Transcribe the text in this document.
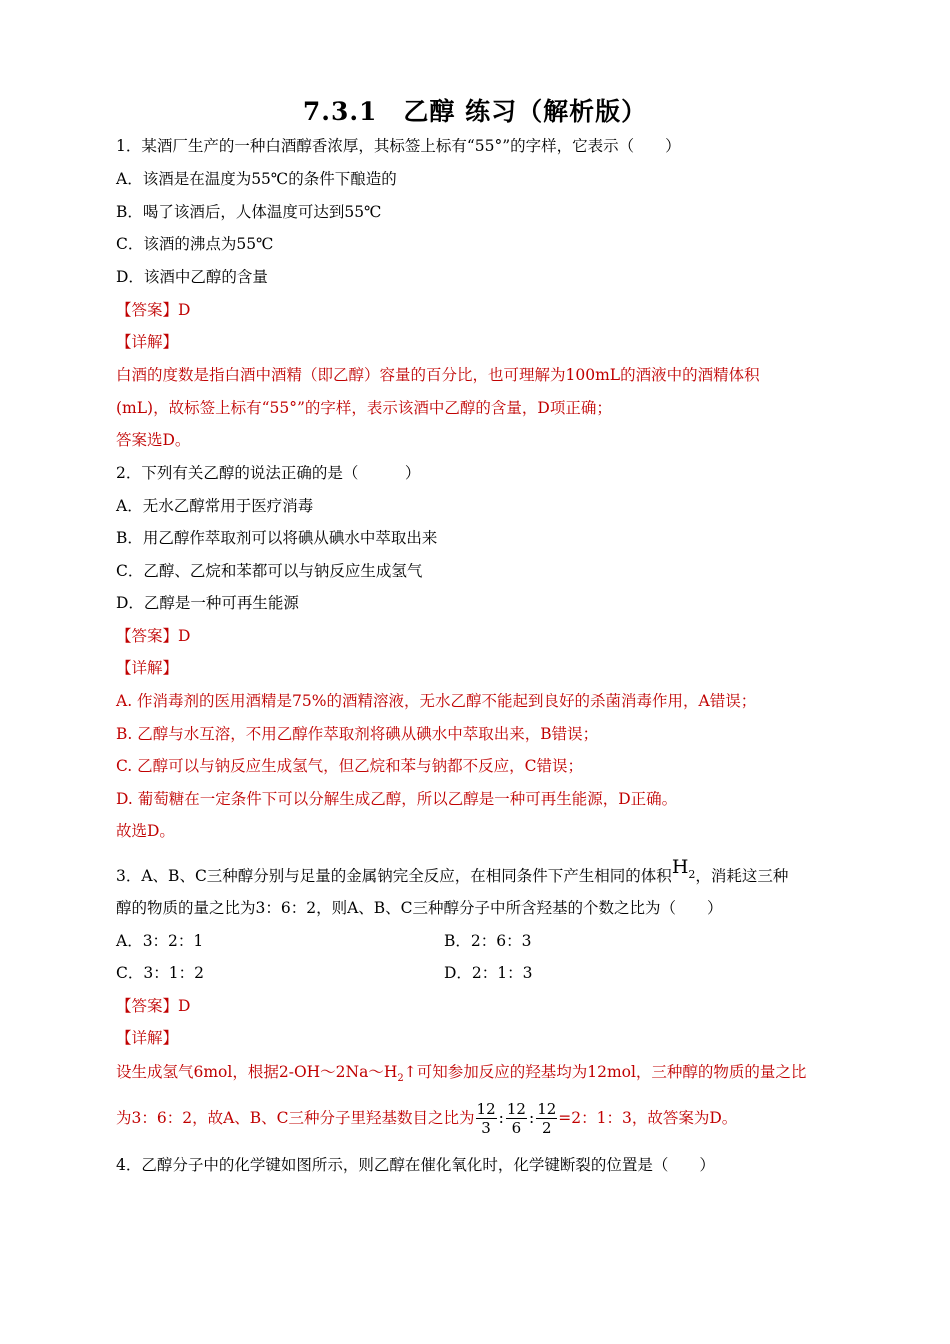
7.3.1　乙醇 练习（解析版）
1．某酒厂生产的一种白酒醇香浓厚，其标签上标有“55°”的字样，它表示（　　）
A．该酒是在温度为55℃的条件下酿造的
B．喝了该酒后，人体温度可达到55℃
C．该酒的沸点为55℃
D．该酒中乙醇的含量
【答案】D
【详解】
白酒的度数是指白酒中酒精（即乙醇）容量的百分比，也可理解为100mL的酒液中的酒精体积
(mL)，故标签上标有“55°”的字样，表示该酒中乙醇的含量，D项正确；
答案选D。
2．下列有关乙醇的说法正确的是（　　　）
A．无水乙醇常用于医疗消毒
B．用乙醇作萃取剂可以将碘从碘水中萃取出来
C．乙醇、乙烷和苯都可以与钠反应生成氢气
D．乙醇是一种可再生能源
【答案】D
【详解】
A. 作消毒剂的医用酒精是75%的酒精溶液，无水乙醇不能起到良好的杀菌消毒作用，A错误；
B. 乙醇与水互溶，不用乙醇作萃取剂将碘从碘水中萃取出来，B错误；
C. 乙醇可以与钠反应生成氢气，但乙烷和苯与钠都不反应，C错误；
D. 葡萄糖在一定条件下可以分解生成乙醇，所以乙醇是一种可再生能源，D正确。
故选D。
3．A、B、C三种醇分别与足量的金属钠完全反应，在相同条件下产生相同的体积$H_2$，消耗这三种
醇的物质的量之比为3：6：2，则A、B、C三种醇分子中所含羟基的个数之比为（　　）
A．3：2：1	B．2：6：3
C．3：1：2	D．2：1：3
【答案】D
【详解】
设生成氢气6mol，根据$2-OH\sim 2Na\sim H_2↑$可知参加反应的羟基均为12mol，三种醇的物质的量之比
为3：6：2，故A、B、C三种分子里羟基数目之比为 $\frac{12}{3}$ : $\frac{12}{6}$ : $\frac{12}{2} =2$：1：3，故答案为D。
4．乙醇分子中的化学键如图所示，则乙醇在催化氧化时，化学键断裂的位置是（　　）
